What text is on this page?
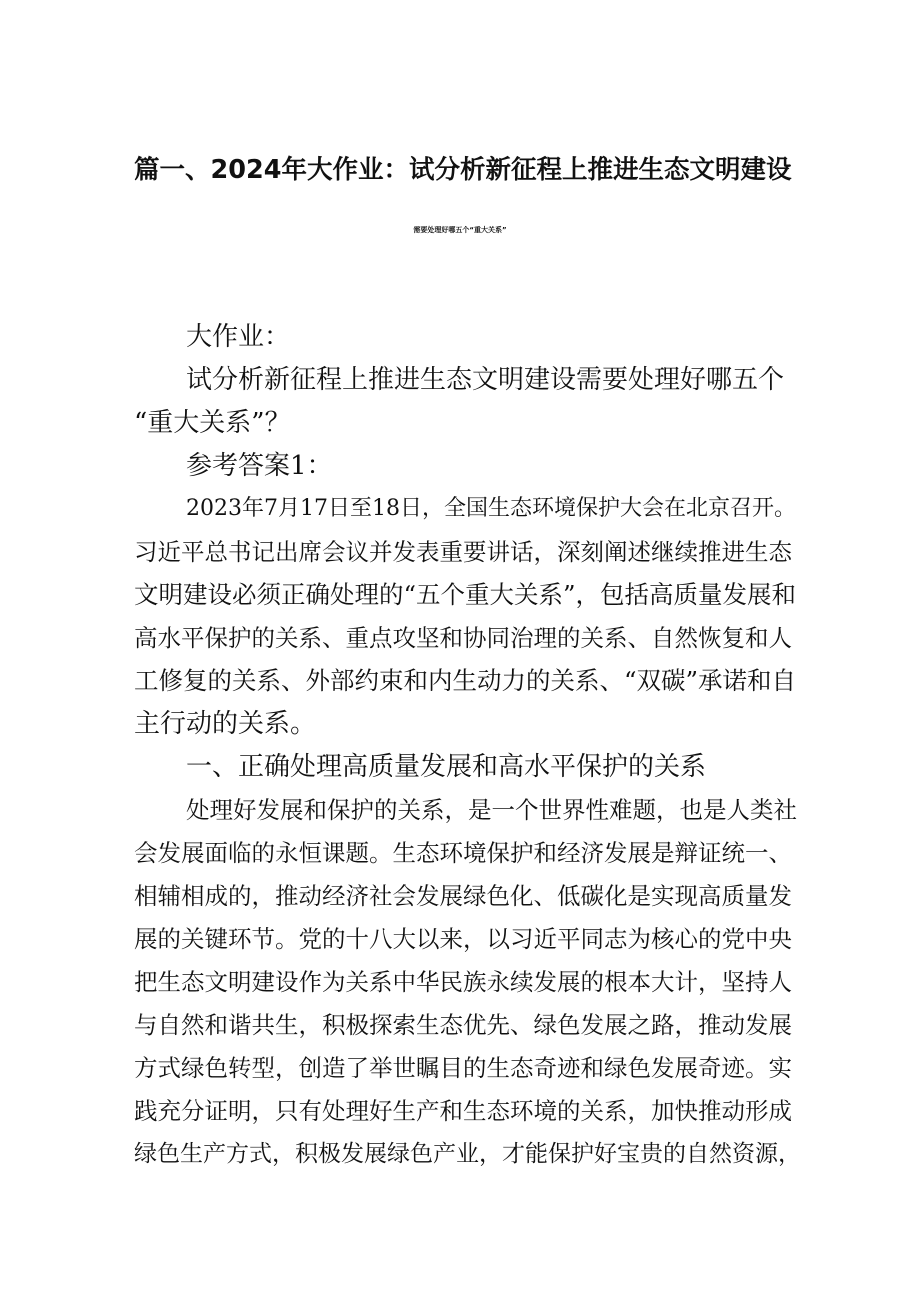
篇一、2024年大作业：试分析新征程上推进生态文明建设
需要处理好哪五个“重大关系”
大作业：
试分析新征程上推进生态文明建设需要处理好哪五个
“重大关系”？
参考答案1：
2023年7月17日至18日，全国生态环境保护大会在北京召开。
习近平总书记出席会议并发表重要讲话，深刻阐述继续推进生态
文明建设必须正确处理的“五个重大关系”，包括高质量发展和
高水平保护的关系、重点攻坚和协同治理的关系、自然恢复和人
工修复的关系、外部约束和内生动力的关系、“双碳”承诺和自
主行动的关系。
一、正确处理高质量发展和高水平保护的关系
处理好发展和保护的关系，是一个世界性难题，也是人类社
会发展面临的永恒课题。生态环境保护和经济发展是辩证统一、
相辅相成的，推动经济社会发展绿色化、低碳化是实现高质量发
展的关键环节。党的十八大以来，以习近平同志为核心的党中央
把生态文明建设作为关系中华民族永续发展的根本大计，坚持人
与自然和谐共生，积极探索生态优先、绿色发展之路，推动发展
方式绿色转型，创造了举世瞩目的生态奇迹和绿色发展奇迹。实
践充分证明，只有处理好生产和生态环境的关系，加快推动形成
绿色生产方式，积极发展绿色产业，才能保护好宝贵的自然资源，
